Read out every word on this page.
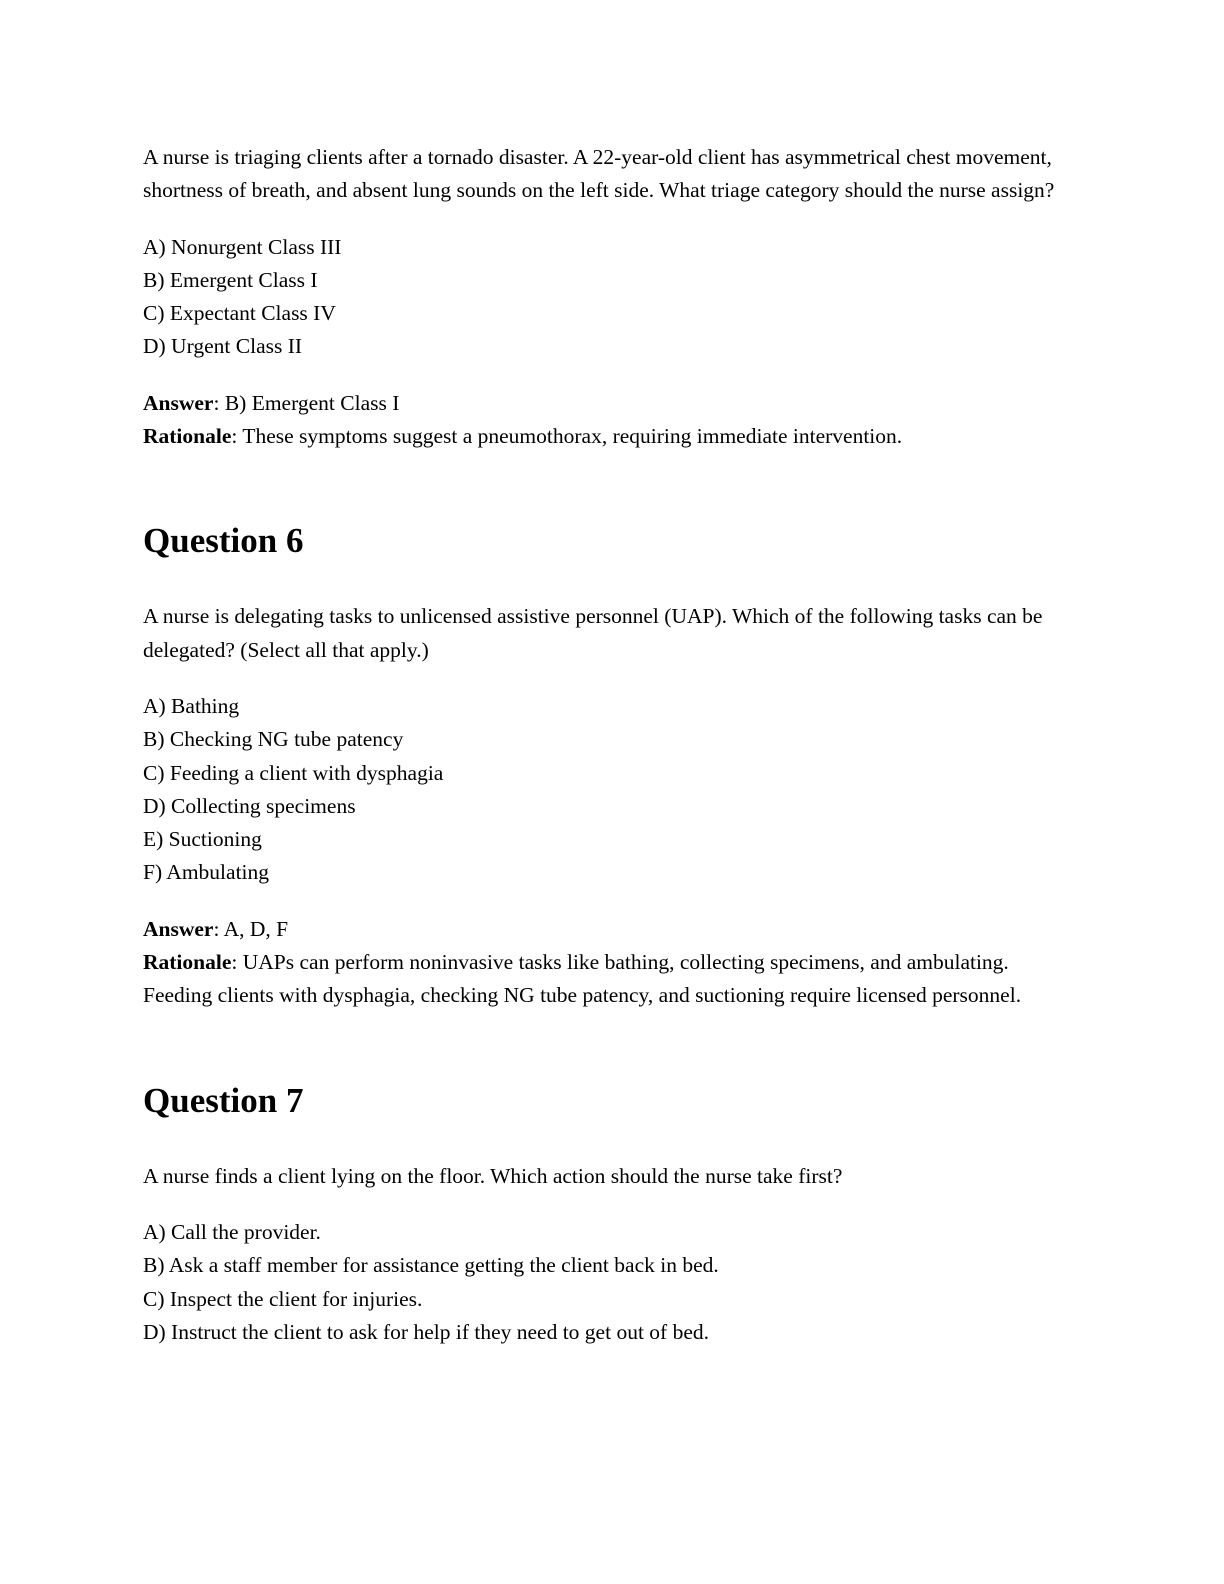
A nurse is triaging clients after a tornado disaster. A 22-year-old client has asymmetrical chest movement, shortness of breath, and absent lung sounds on the left side. What triage category should the nurse assign?

A) Nonurgent Class III
B) Emergent Class I
C) Expectant Class IV
D) Urgent Class II
Answer: B) Emergent Class I
Rationale: These symptoms suggest a pneumothorax, requiring immediate intervention.
Question 6

A nurse is delegating tasks to unlicensed assistive personnel (UAP). Which of the following tasks can be delegated? (Select all that apply.)

A) Bathing
B) Checking NG tube patency
C) Feeding a client with dysphagia
D) Collecting specimens
E) Suctioning
F) Ambulating
Answer: A, D, F
Rationale: UAPs can perform noninvasive tasks like bathing, collecting specimens, and ambulating. Feeding clients with dysphagia, checking NG tube patency, and suctioning require licensed personnel.
Question 7

A nurse finds a client lying on the floor. Which action should the nurse take first?

A) Call the provider.
B) Ask a staff member for assistance getting the client back in bed.
C) Inspect the client for injuries.
D) Instruct the client to ask for help if they need to get out of bed.
